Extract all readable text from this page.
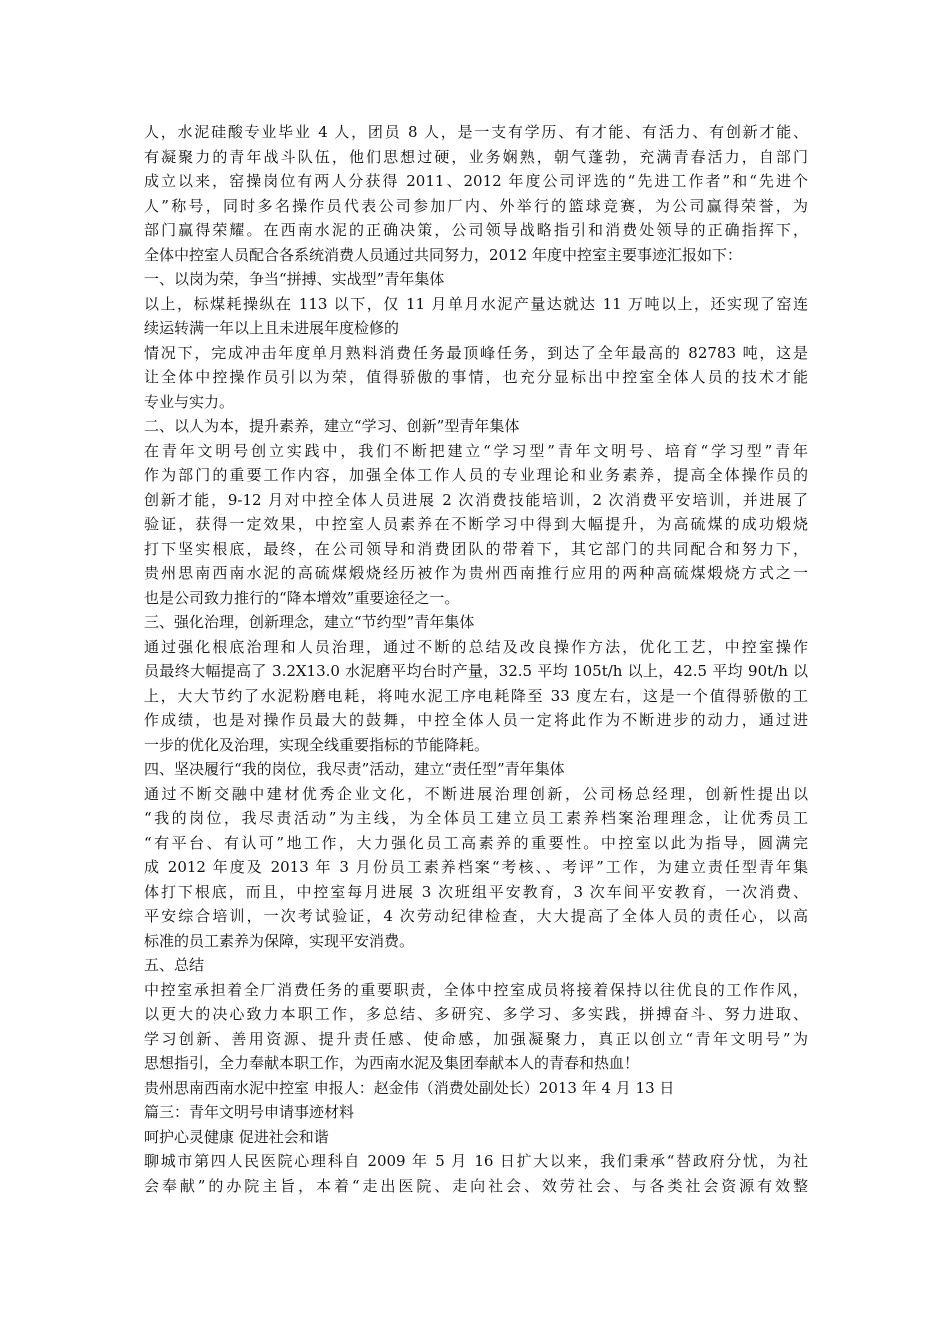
人，水泥硅酸专业毕业 4 人，团员 8 人，是一支有学历、有才能、有活力、有创新才能、
有凝聚力的青年战斗队伍，他们思想过硬，业务娴熟，朝气蓬勃，充满青春活力，自部门
成立以来，窑操岗位有两人分获得 2011、2012 年度公司评选的“先进工作者”和“先进个
人”称号，同时多名操作员代表公司参加厂内、外举行的篮球竞赛，为公司赢得荣誉，为
部门赢得荣耀。在西南水泥的正确决策，公司领导战略指引和消费处领导的正确指挥下，
全体中控室人员配合各系统消费人员通过共同努力，2012 年度中控室主要事迹汇报如下：
一、以岗为荣，争当“拼搏、实战型”青年集体
以上，标煤耗操纵在 113 以下，仅 11 月单月水泥产量达就达 11 万吨以上，还实现了窑连
续运转满一年以上且未进展年度检修的
情况下，完成冲击年度单月熟料消费任务最顶峰任务，到达了全年最高的 82783 吨，这是
让全体中控操作员引以为荣，值得骄傲的事情，也充分显标出中控室全体人员的技术才能
专业与实力。
二、以人为本，提升素养，建立“学习、创新”型青年集体
在青年文明号创立实践中，我们不断把建立“学习型”青年文明号、培育“学习型”青年
作为部门的重要工作内容，加强全体工作人员的专业理论和业务素养，提高全体操作员的
创新才能，9-12 月对中控全体人员进展 2 次消费技能培训，2 次消费平安培训，并进展了
验证，获得一定效果，中控室人员素养在不断学习中得到大幅提升，为高硫煤的成功煅烧
打下坚实根底，最终，在公司领导和消费团队的带着下，其它部门的共同配合和努力下，
贵州思南西南水泥的高硫煤煅烧经历被作为贵州西南推行应用的两种高硫煤煅烧方式之一
也是公司致力推行的“降本增效”重要途径之一。
三、强化治理，创新理念，建立“节约型”青年集体
通过强化根底治理和人员治理，通过不断的总结及改良操作方法，优化工艺，中控室操作
员最终大幅提高了 3.2X13.0 水泥磨平均台时产量，32.5 平均 105t/h 以上，42.5 平均 90t/h 以
上，大大节约了水泥粉磨电耗，将吨水泥工序电耗降至 33 度左右，这是一个值得骄傲的工
作成绩，也是对操作员最大的鼓舞，中控全体人员一定将此作为不断进步的动力，通过进
一步的优化及治理，实现全线重要指标的节能降耗。
四、坚决履行“我的岗位，我尽责”活动，建立“责任型”青年集体
通过不断交融中建材优秀企业文化，不断进展治理创新，公司杨总经理，创新性提出以
“我的岗位，我尽责活动”为主线，为全体员工建立员工素养档案治理理念，让优秀员工
“有平台、有认可”地工作，大力强化员工高素养的重要性。中控室以此为指导，圆满完
成 2012 年度及 2013 年 3 月份员工素养档案“考核、、考评”工作，为建立责任型青年集
体打下根底，而且，中控室每月进展 3 次班组平安教育，3 次车间平安教育，一次消费、
平安综合培训，一次考试验证，4 次劳动纪律检查，大大提高了全体人员的责任心，以高
标准的员工素养为保障，实现平安消费。
五、总结
中控室承担着全厂消费任务的重要职责，全体中控室成员将接着保持以往优良的工作作风，
以更大的决心致力本职工作，多总结、多研究、多学习、多实践，拼搏奋斗、努力进取、
学习创新、善用资源、提升责任感、使命感，加强凝聚力，真正以创立“青年文明号”为
思想指引，全力奉献本职工作，为西南水泥及集团奉献本人的青春和热血！
贵州思南西南水泥中控室 申报人：赵金伟（消费处副处长）2013 年 4 月 13 日
篇三：青年文明号申请事迹材料
呵护心灵健康 促进社会和谐
聊城市第四人民医院心理科自 2009 年 5 月 16 日扩大以来，我们秉承“替政府分忧，为社
会奉献”的办院主旨，本着“走出医院、走向社会、效劳社会、与各类社会资源有效整
